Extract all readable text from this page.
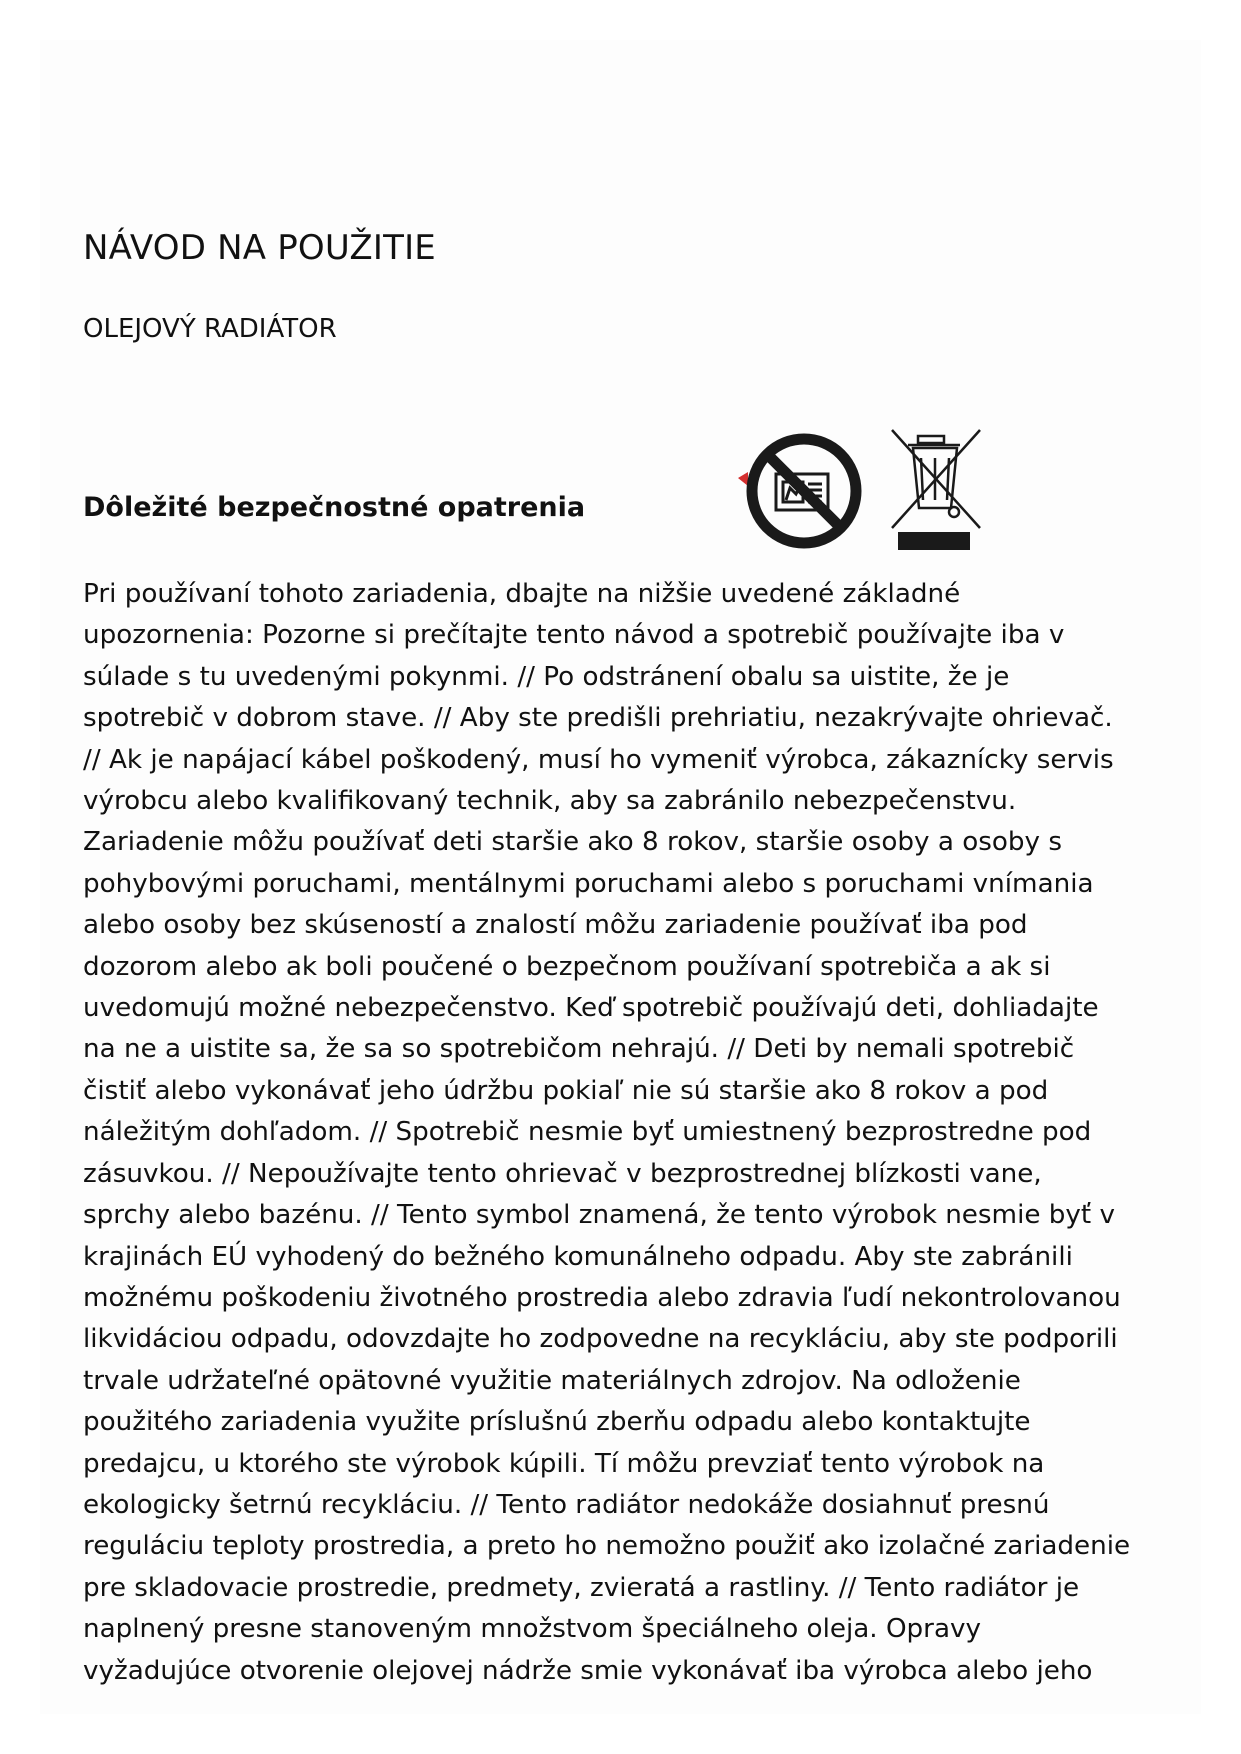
NÁVOD NA POUŽITIE
OLEJOVÝ RADIÁTOR
Dôležité bezpečnostné opatrenia
Pri používaní tohoto zariadenia, dbajte na nižšie uvedené základné
upozornenia: Pozorne si prečítajte tento návod a spotrebič používajte iba v
súlade s tu uvedenými pokynmi. // Po odstránení obalu sa uistite, že je
spotrebič v dobrom stave. // Aby ste predišli prehriatiu, nezakrývajte ohrievač.
// Ak je napájací kábel poškodený, musí ho vymeniť výrobca, zákaznícky servis
výrobcu alebo kvalifikovaný technik, aby sa zabránilo nebezpečenstvu.
Zariadenie môžu používať deti staršie ako 8 rokov, staršie osoby a osoby s
pohybovými poruchami, mentálnymi poruchami alebo s poruchami vnímania
alebo osoby bez skúseností a znalostí môžu zariadenie používať iba pod
dozorom alebo ak boli poučené o bezpečnom používaní spotrebiča a ak si
uvedomujú možné nebezpečenstvo. Keď spotrebič používajú deti, dohliadajte
na ne a uistite sa, že sa so spotrebičom nehrajú. // Deti by nemali spotrebič
čistiť alebo vykonávať jeho údržbu pokiaľ nie sú staršie ako 8 rokov a pod
náležitým dohľadom. // Spotrebič nesmie byť umiestnený bezprostredne pod
zásuvkou. // Nepoužívajte tento ohrievač v bezprostrednej blízkosti vane,
sprchy alebo bazénu. // Tento symbol znamená, že tento výrobok nesmie byť v
krajinách EÚ vyhodený do bežného komunálneho odpadu. Aby ste zabránili
možnému poškodeniu životného prostredia alebo zdravia ľudí nekontrolovanou
likvidáciou odpadu, odovzdajte ho zodpovedne na recykláciu, aby ste podporili
trvale udržateľné opätovné využitie materiálnych zdrojov. Na odloženie
použitého zariadenia využite príslušnú zberňu odpadu alebo kontaktujte
predajcu, u ktorého ste výrobok kúpili. Tí môžu prevziať tento výrobok na
ekologicky šetrnú recykláciu. // Tento radiátor nedokáže dosiahnuť presnú
reguláciu teploty prostredia, a preto ho nemožno použiť ako izolačné zariadenie
pre skladovacie prostredie, predmety, zvieratá a rastliny. // Tento radiátor je
naplnený presne stanoveným množstvom špeciálneho oleja. Opravy
vyžadujúce otvorenie olejovej nádrže smie vykonávať iba výrobca alebo jeho
